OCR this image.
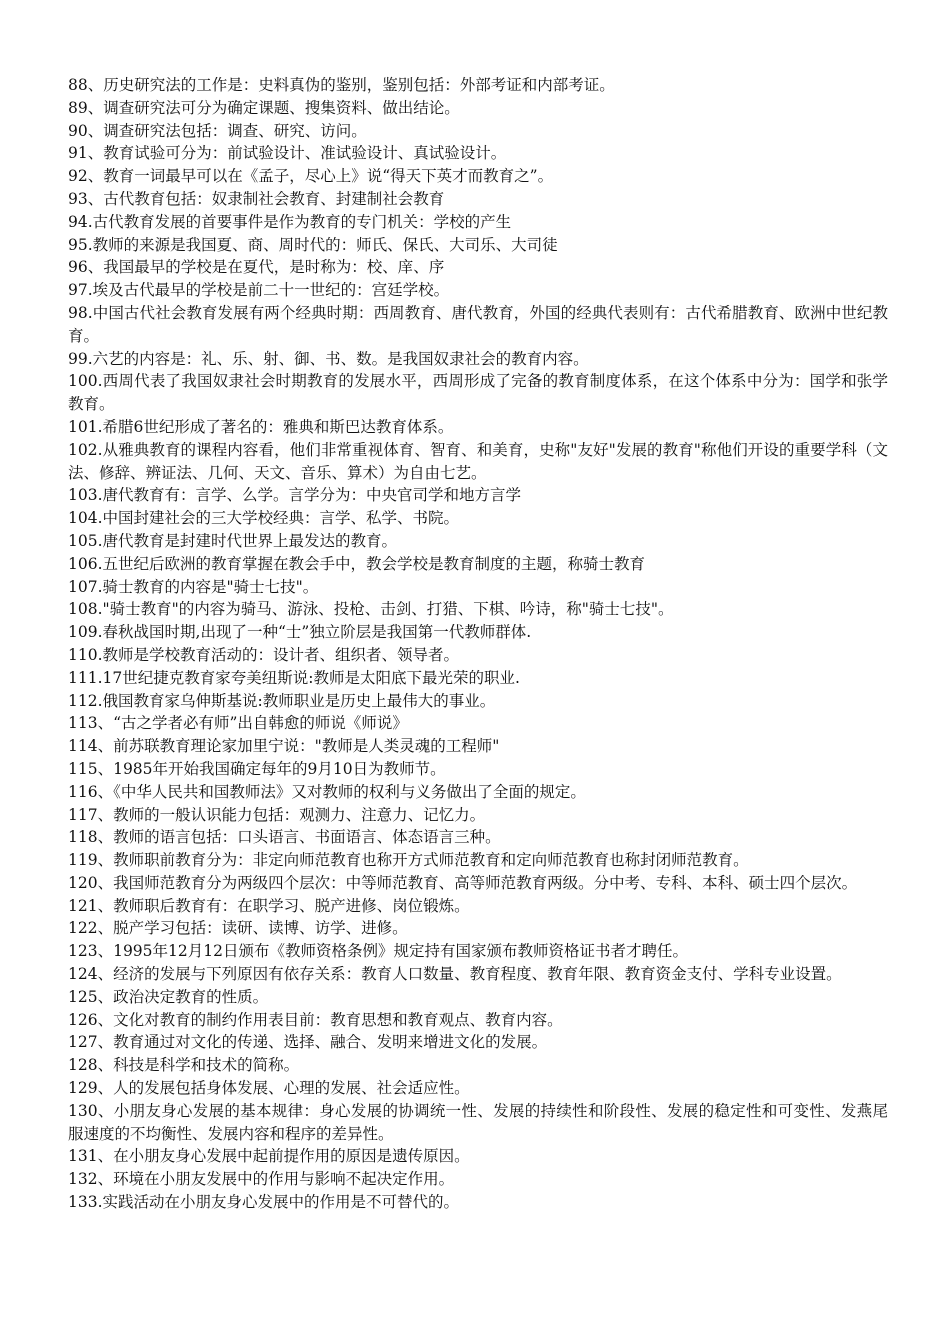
88、历史研究法的工作是：史料真伪的鉴别，鉴别包括：外部考证和内部考证。
89、调查研究法可分为确定课题、搜集资料、做出结论。
90、调查研究法包括：调查、研究、访问。
91、教育试验可分为：前试验设计、准试验设计、真试验设计。
92、教育一词最早可以在《孟子，尽心上》说“得天下英才而教育之”。
93、古代教育包括：奴隶制社会教育、封建制社会教育
94.古代教育发展的首要事件是作为教育的专门机关：学校的产生
95.教师的来源是我国夏、商、周时代的：师氏、保氏、大司乐、大司徒
96、我国最早的学校是在夏代，是时称为：校、庠、序
97.埃及古代最早的学校是前二十一世纪的：宫廷学校。
98.中国古代社会教育发展有两个经典时期：西周教育、唐代教育，外国的经典代表则有：古代希腊教育、欧洲中世纪教育。
99.六艺的内容是：礼、乐、射、御、书、数。是我国奴隶社会的教育内容。
100.西周代表了我国奴隶社会时期教育的发展水平，西周形成了完备的教育制度体系，在这个体系中分为：国学和张学教育。
101.希腊6世纪形成了著名的：雅典和斯巴达教育体系。
102.从雅典教育的课程内容看，他们非常重视体育、智育、和美育，史称"友好"发展的教育"称他们开设的重要学科（文法、修辞、辨证法、几何、天文、音乐、算术）为自由七艺。
103.唐代教育有：言学、么学。言学分为：中央官司学和地方言学
104.中国封建社会的三大学校经典：言学、私学、书院。
105.唐代教育是封建时代世界上最发达的教育。
106.五世纪后欧洲的教育掌握在教会手中，教会学校是教育制度的主题，称骑士教育
107.骑士教育的内容是"骑士七技"。
108."骑士教育"的内容为骑马、游泳、投枪、击剑、打猎、下棋、吟诗，称"骑士七技"。
109.春秋战国时期,出现了一种“士”独立阶层是我国第一代教师群体.
110.教师是学校教育活动的：设计者、组织者、领导者。
111.17世纪捷克教育家夸美纽斯说:教师是太阳底下最光荣的职业.
112.俄国教育家乌伸斯基说:教师职业是历史上最伟大的事业。
113、“古之学者必有师”出自韩愈的师说《师说》
114、前苏联教育理论家加里宁说："教师是人类灵魂的工程师"
115、1985年开始我国确定每年的9月10日为教师节。
116、《中华人民共和国教师法》又对教师的权利与义务做出了全面的规定。
117、教师的一般认识能力包括：观测力、注意力、记忆力。
118、教师的语言包括：口头语言、书面语言、体态语言三种。
119、教师职前教育分为：非定向师范教育也称开方式师范教育和定向师范教育也称封闭师范教育。
120、我国师范教育分为两级四个层次：中等师范教育、高等师范教育两级。分中考、专科、本科、硕士四个层次。
121、教师职后教育有：在职学习、脱产进修、岗位锻炼。
122、脱产学习包括：读研、读博、访学、进修。
123、1995年12月12日颁布《教师资格条例》规定持有国家颁布教师资格证书者才聘任。
124、经济的发展与下列原因有依存关系：教育人口数量、教育程度、教育年限、教育资金支付、学科专业设置。
125、政治决定教育的性质。
126、文化对教育的制约作用表目前：教育思想和教育观点、教育内容。
127、教育通过对文化的传递、选择、融合、发明来增进文化的发展。
128、科技是科学和技术的简称。
129、人的发展包括身体发展、心理的发展、社会适应性。
130、小朋友身心发展的基本规律：身心发展的协调统一性、发展的持续性和阶段性、发展的稳定性和可变性、发燕尾服速度的不均衡性、发展内容和程序的差异性。
131、在小朋友身心发展中起前提作用的原因是遗传原因。
132、环境在小朋友发展中的作用与影响不起决定作用。
133.实践活动在小朋友身心发展中的作用是不可替代的。
